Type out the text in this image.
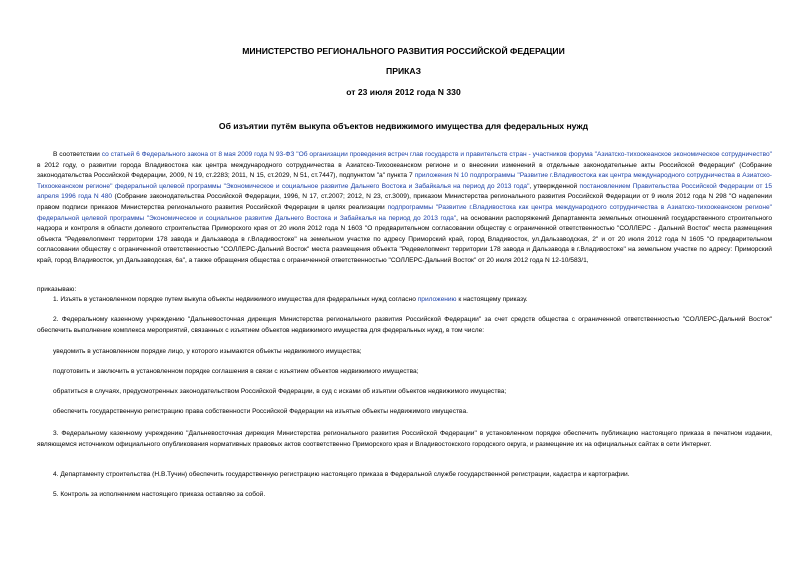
МИНИСТЕРСТВО РЕГИОНАЛЬНОГО РАЗВИТИЯ РОССИЙСКОЙ ФЕДЕРАЦИИ
ПРИКАЗ
от 23 июля 2012 года N 330
Об изъятии путём выкупа объектов недвижимого имущества для федеральных нужд

В соответствии со статьей 6 Федерального закона от 8 мая 2009 года N 93-ФЗ "Об организации проведения встреч глав государств и правительств стран - участников форума "Азиатско-тихоокеанское экономическое сотрудничество" в 2012 году, о развитии города Владивостока как центра международного сотрудничества в Азиатско-Тихоокеанском регионе и о внесении изменений в отдельные законодательные акты Российской Федерации" (Собрание законодательства Российской Федерации, 2009, N 19, ст.2283; 2011, N 15, ст.2029, N 51, ст.7447), подпунктом "а" пункта 7 приложения N 10 подпрограммы "Развитие г.Владивостока как центра международного сотрудничества в Азиатско-Тихоокеанском регионе" федеральной целевой программы "Экономическое и социальное развитие Дальнего Востока и Забайкалья на период до 2013 года", утвержденной постановлением Правительства Российской Федерации от 15 апреля 1996 года N 480 (Собрание законодательства Российской Федерации, 1996, N 17, ст.2007; 2012, N 23, ст.3009), приказом Министерства регионального развития Российской Федерации от 9 июля 2012 года N 298 "О наделении правом подписи приказов Министерства регионального развития Российской Федерации в целях реализации подпрограммы "Развитие г.Владивостока как центра международного сотрудничества в Азиатско-тихоокеанском регионе" федеральной целевой программы "Экономическое и социальное развитие Дальнего Востока и Забайкалья на период до 2013 года", на основании распоряжений Департамента земельных отношений государственного строительного надзора и контроля в области долевого строительства Приморского края от 20 июля 2012 года N 1603 "О предварительном согласовании обществу с ограниченной ответственностью "СОЛЛЕРС - Дальний Восток" места размещения объекта "Редевелопмент территории 178 завода и Дальзавода в г.Владивостоке" на земельном участке по адресу Приморский край, город Владивосток, ул.Дальзаводская, 2" и от 20 июля 2012 года N 1605 "О предварительном согласовании обществу с ограниченной ответственностью "СОЛЛЕРС-Дальний Восток" места размещения объекта "Редевелопмент территории 178 завода и Дальзавода в г.Владивостоке" на земельном участке по адресу: Приморский край, город Владивосток, ул.Дальзаводская, 6а", а также обращения общества с ограниченной ответственностью "СОЛЛЕРС-Дальний Восток" от 20 июля 2012 года N 12-10/583/1,

приказываю:

1. Изъять в установленном порядке путем выкупа объекты недвижимого имущества для федеральных нужд согласно приложению к настоящему приказу.

2. Федеральному казенному учреждению "Дальневосточная дирекция Министерства регионального развития Российской Федерации" за счет средств общества с ограниченной ответственностью "СОЛЛЕРС-Дальний Восток" обеспечить выполнение комплекса мероприятий, связанных с изъятием объектов недвижимого имущества для федеральных нужд, в том числе:

уведомить в установленном порядке лицо, у которого изымаются объекты недвижимого имущества;
подготовить и заключить в установленном порядке соглашения в связи с изъятием объектов недвижимого имущества;
обратиться в случаях, предусмотренных законодательством Российской Федерации, в суд с исками об изъятии объектов недвижимого имущества;
обеспечить государственную регистрацию права собственности Российской Федерации на изъятые объекты недвижимого имущества.

3. Федеральному казенному учреждению "Дальневосточная дирекция Министерства регионального развития Российской Федерации" в установленном порядке обеспечить публикацию настоящего приказа в печатном издании, являющемся источником официального опубликования нормативных правовых актов соответственно Приморского края и Владивостокского городского округа, и размещение их на официальных сайтах в сети Интернет.

4. Департаменту строительства (Н.В.Тучин) обеспечить государственную регистрацию настоящего приказа в Федеральной службе государственной регистрации, кадастра и картографии.
5. Контроль за исполнением настоящего приказа оставляю за собой.
